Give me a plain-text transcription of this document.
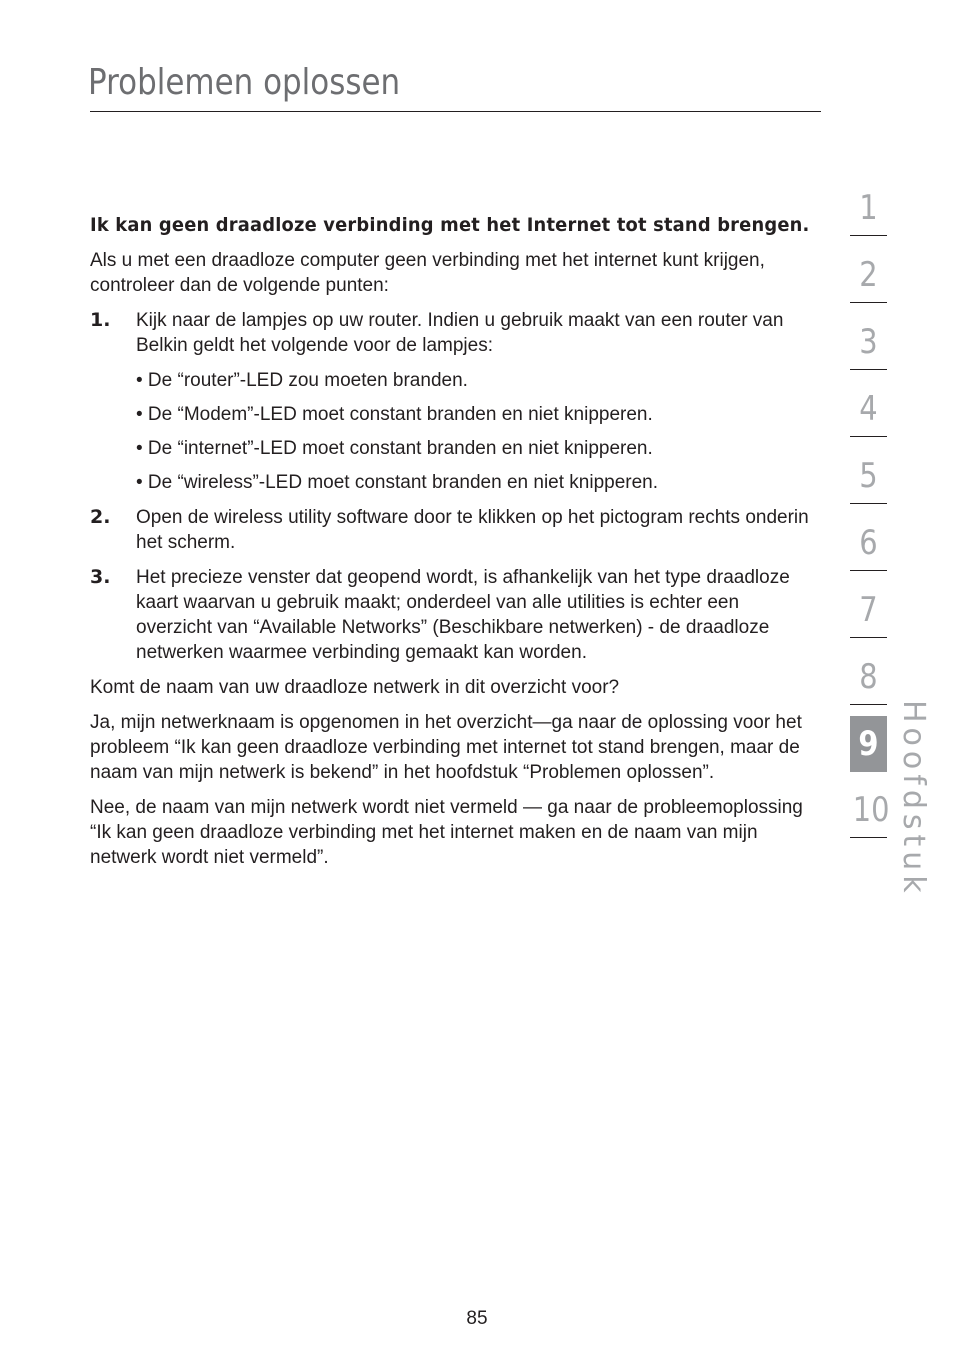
Problemen oplossen
Ik kan geen draadloze verbinding met het Internet tot stand brengen.

Als u met een draadloze computer geen verbinding met het internet kunt krijgen, controleer dan de volgende punten:

1. Kijk naar de lampjes op uw router. Indien u gebruik maakt van een router van Belkin geldt het volgende voor de lampjes:
• De “router”-LED zou moeten branden.
• De “Modem”-LED moet constant branden en niet knipperen.
• De “internet”-LED moet constant branden en niet knipperen.
• De “wireless”-LED moet constant branden en niet knipperen.
2. Open de wireless utility software door te klikken op het pictogram rechts onderin het scherm.
3. Het precieze venster dat geopend wordt, is afhankelijk van het type draadloze kaart waarvan u gebruik maakt; onderdeel van alle utilities is echter een overzicht van “Available Networks” (Beschikbare netwerken) - de draadloze netwerken waarmee verbinding gemaakt kan worden.

Komt de naam van uw draadloze netwerk in dit overzicht voor?

Ja, mijn netwerknaam is opgenomen in het overzicht—ga naar de oplossing voor het probleem “Ik kan geen draadloze verbinding met internet tot stand brengen, maar de naam van mijn netwerk is bekend” in het hoofdstuk “Problemen oplossen”.

Nee, de naam van mijn netwerk wordt niet vermeld — ga naar de probleemoplossing “Ik kan geen draadloze verbinding met het internet maken en de naam van mijn netwerk wordt niet vermeld”.

1
2
3
4
5
6
7
8
9
10 Hoofdstuk
85
